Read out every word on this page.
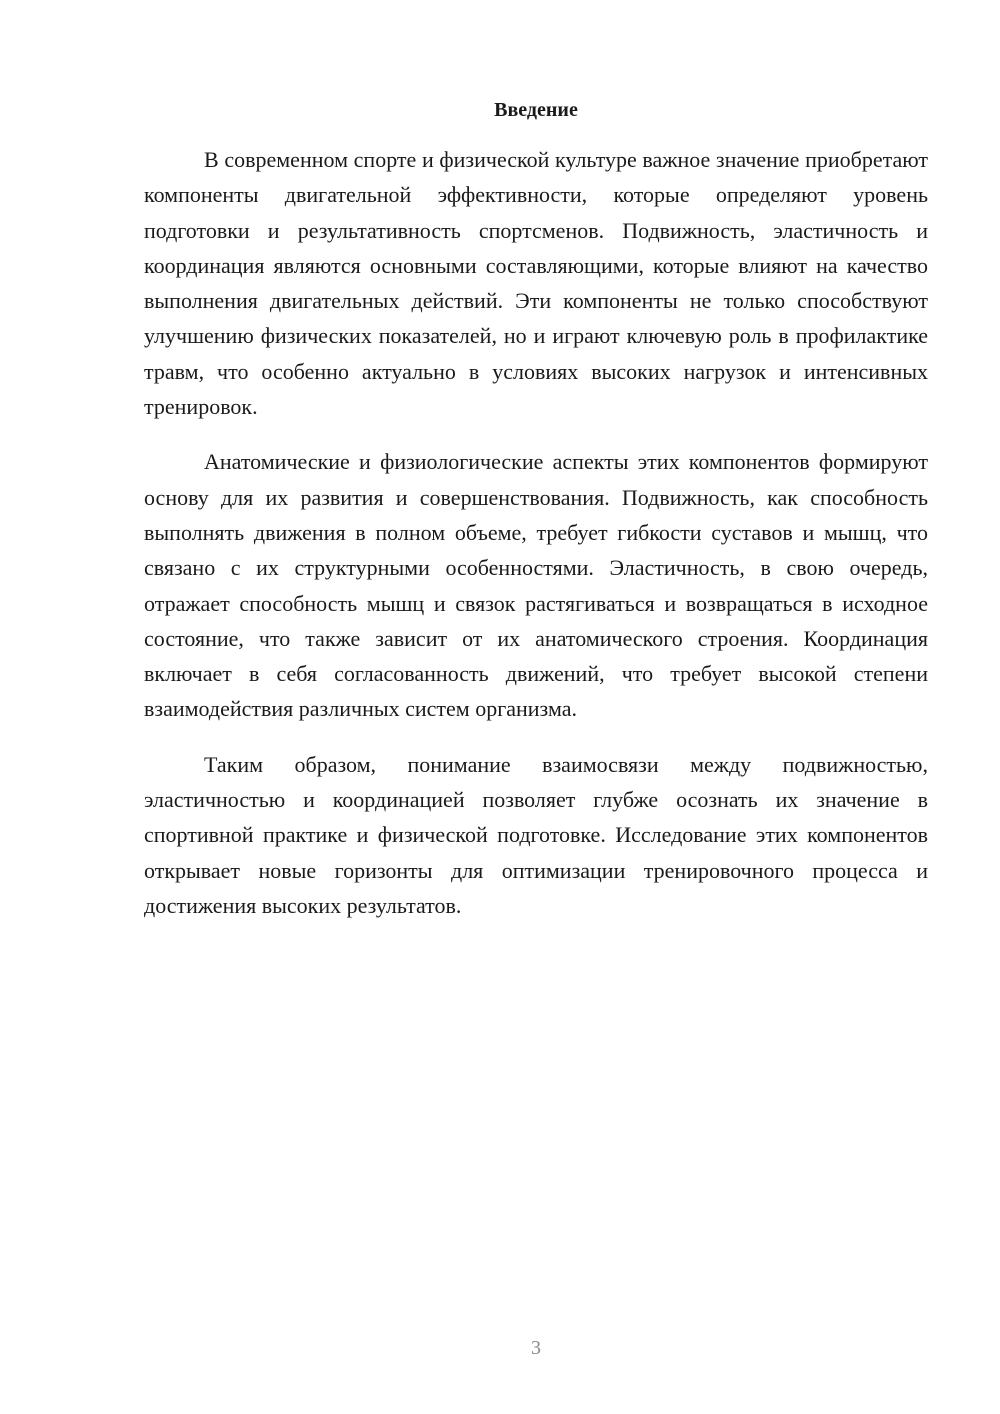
Введение

В современном спорте и физической культуре важное значение приобретают компоненты двигательной эффективности, которые определяют уровень подготовки и результативность спортсменов. Подвижность, эластичность и координация являются основными составляющими, которые влияют на качество выполнения двигательных действий. Эти компоненты не только способствуют улучшению физических показателей, но и играют ключевую роль в профилактике травм, что особенно актуально в условиях высоких нагрузок и интенсивных тренировок.

Анатомические и физиологические аспекты этих компонентов формируют основу для их развития и совершенствования. Подвижность, как способность выполнять движения в полном объеме, требует гибкости суставов и мышц, что связано с их структурными особенностями. Эластичность, в свою очередь, отражает способность мышц и связок растягиваться и возвращаться в исходное состояние, что также зависит от их анатомического строения. Координация включает в себя согласованность движений, что требует высокой степени взаимодействия различных систем организма.

Таким образом, понимание взаимосвязи между подвижностью, эластичностью и координацией позволяет глубже осознать их значение в спортивной практике и физической подготовке. Исследование этих компонентов открывает новые горизонты для оптимизации тренировочного процесса и достижения высоких результатов.

3
